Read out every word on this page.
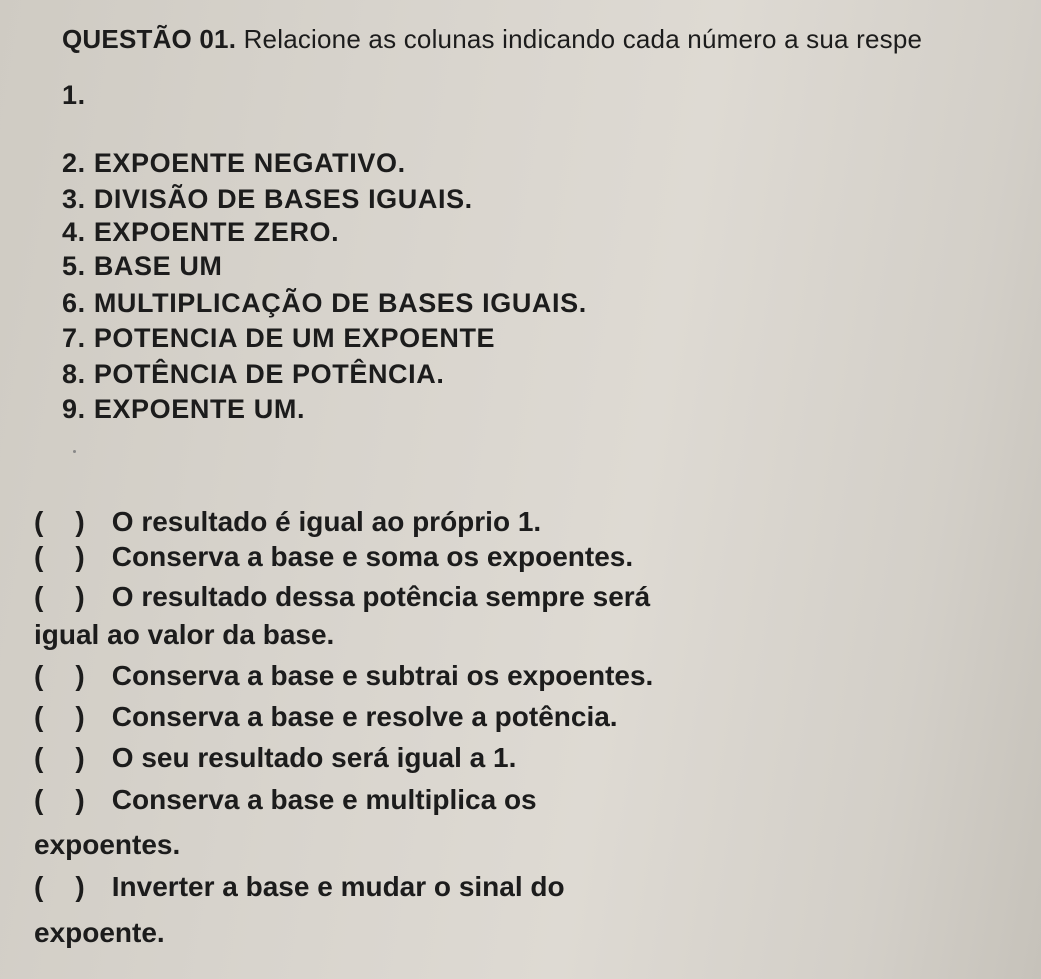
QUESTÃO 01. Relacione as colunas indicando cada número a sua respe
1.
2. EXPOENTE NEGATIVO.
3. DIVISÃO DE BASES IGUAIS.
4. EXPOENTE ZERO.
5. BASE UM
6. MULTIPLICAÇÃO DE BASES IGUAIS.
7. POTENCIA DE UM EXPOENTE
8. POTÊNCIA DE POTÊNCIA.
9. EXPOENTE UM.
( ) O resultado é igual ao próprio 1.
( ) Conserva a base e soma os expoentes.
( ) O resultado dessa potência sempre será
igual ao valor da base.
( ) Conserva a base e subtrai os expoentes.
( ) Conserva a base e resolve a potência.
( ) O seu resultado será igual a 1.
( ) Conserva a base e multiplica os
expoentes.
( ) Inverter a base e mudar o sinal do
expoente.
